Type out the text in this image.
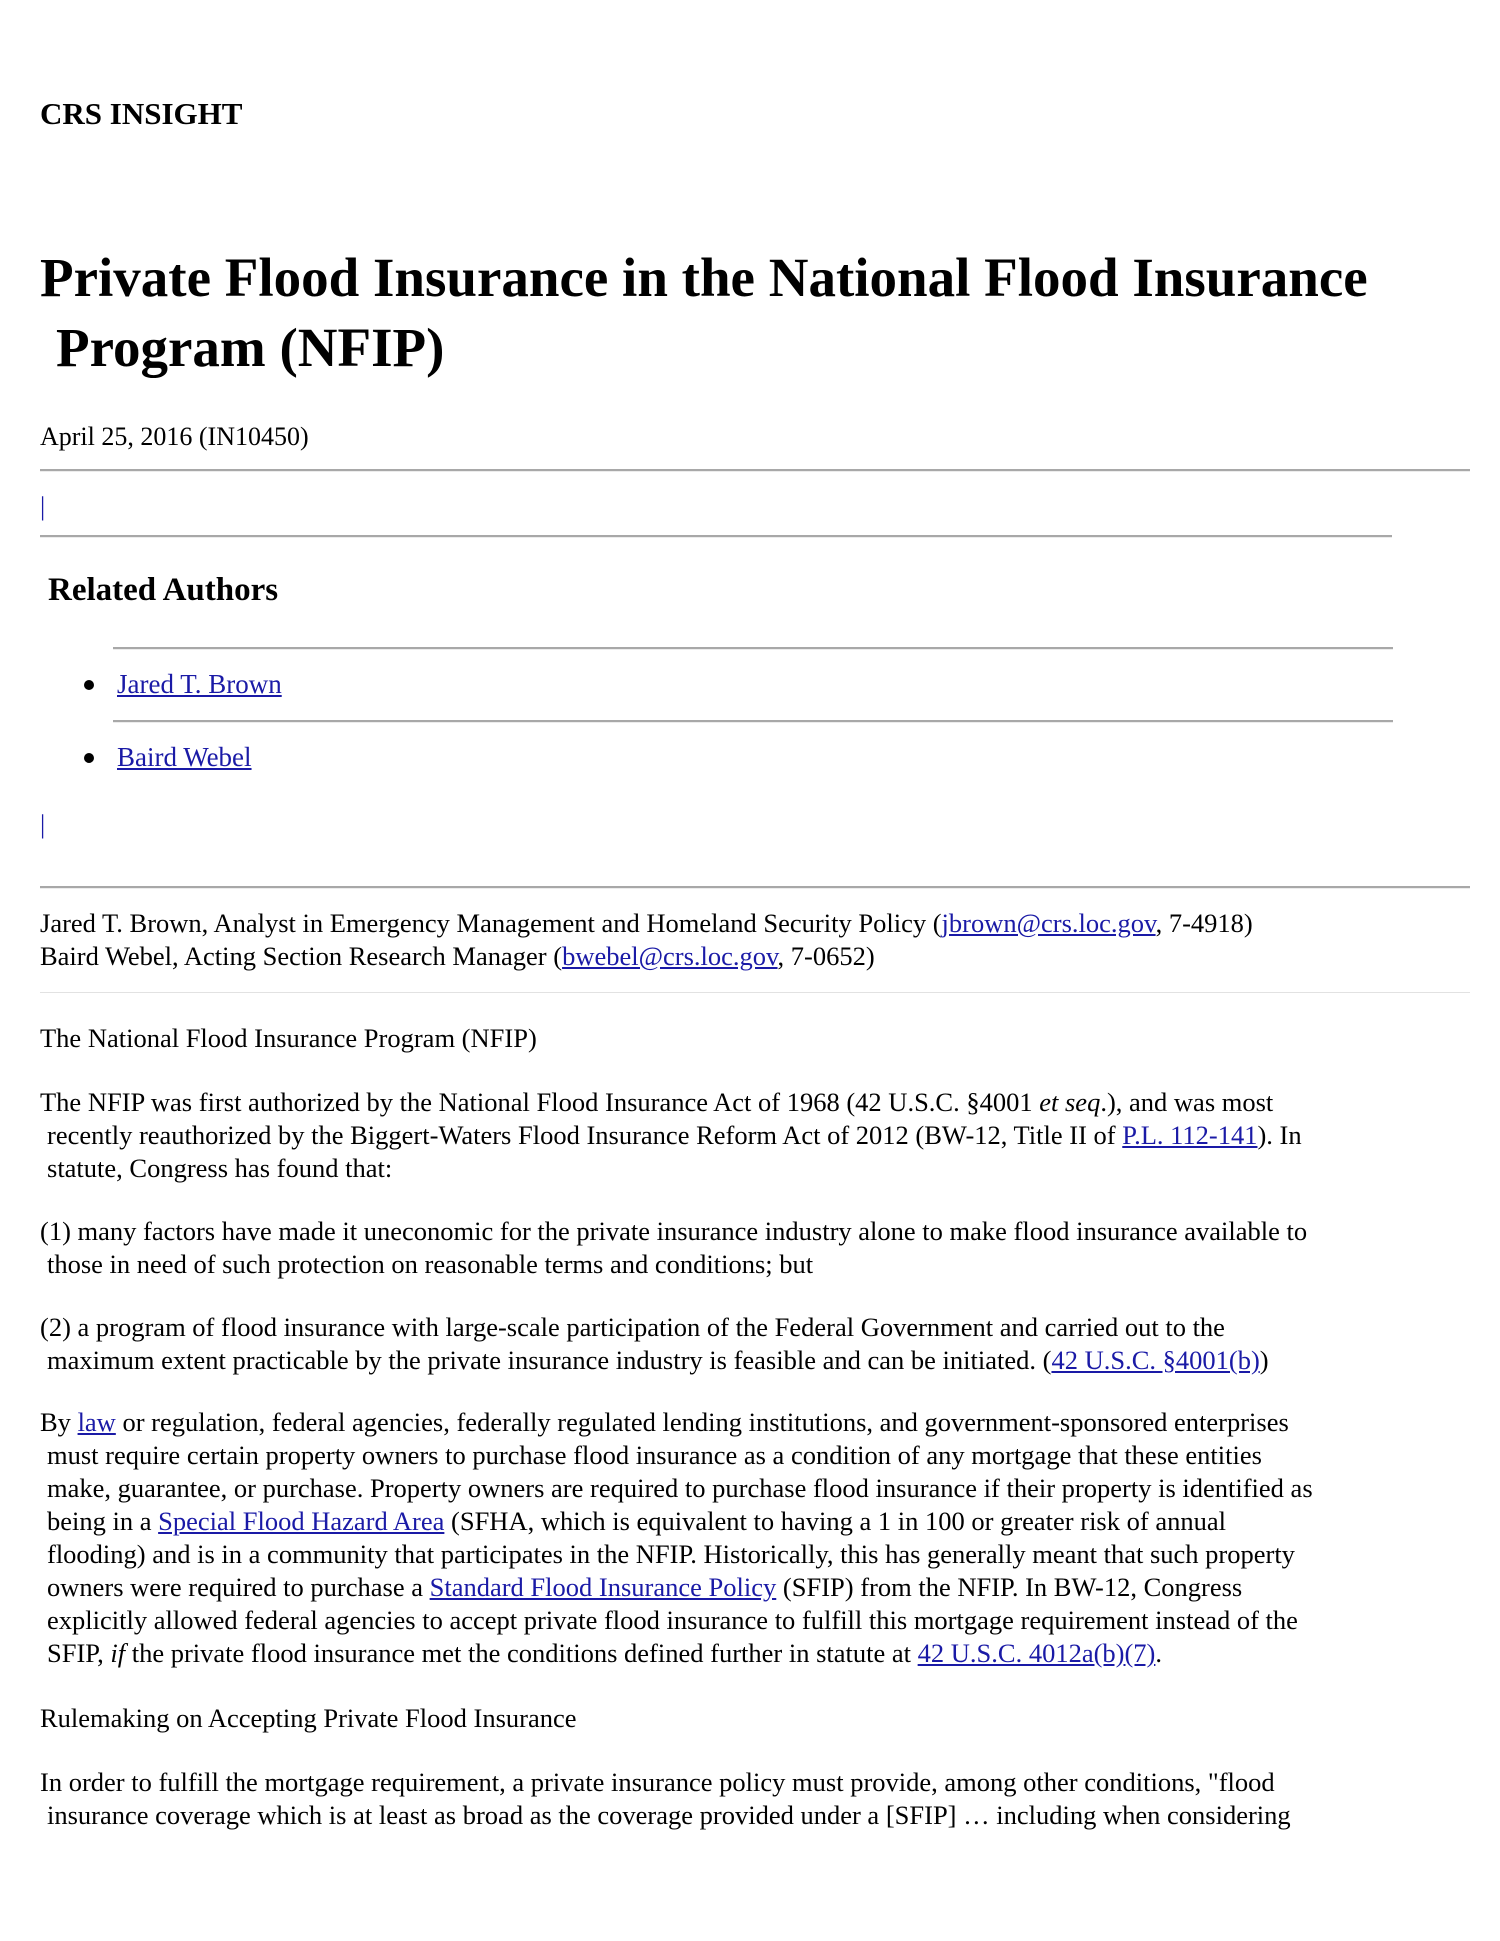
CRS INSIGHT
Private Flood Insurance in the National Flood Insurance
Program (NFIP)
April 25, 2016 (IN10450)
|
Related Authors
Jared T. Brown
Baird Webel
|
Jared T. Brown, Analyst in Emergency Management and Homeland Security Policy (jbrown@crs.loc.gov, 7-4918)
Baird Webel, Acting Section Research Manager (bwebel@crs.loc.gov, 7-0652)
The National Flood Insurance Program (NFIP)
The NFIP was first authorized by the National Flood Insurance Act of 1968 (42 U.S.C. §4001 et seq.), and was most
recently reauthorized by the Biggert-Waters Flood Insurance Reform Act of 2012 (BW-12, Title II of P.L. 112-141). In
statute, Congress has found that:
(1) many factors have made it uneconomic for the private insurance industry alone to make flood insurance available to
those in need of such protection on reasonable terms and conditions; but
(2) a program of flood insurance with large-scale participation of the Federal Government and carried out to the
maximum extent practicable by the private insurance industry is feasible and can be initiated. (42 U.S.C. §4001(b))
By law or regulation, federal agencies, federally regulated lending institutions, and government-sponsored enterprises
must require certain property owners to purchase flood insurance as a condition of any mortgage that these entities
make, guarantee, or purchase. Property owners are required to purchase flood insurance if their property is identified as
being in a Special Flood Hazard Area (SFHA, which is equivalent to having a 1 in 100 or greater risk of annual
flooding) and is in a community that participates in the NFIP. Historically, this has generally meant that such property
owners were required to purchase a Standard Flood Insurance Policy (SFIP) from the NFIP. In BW-12, Congress
explicitly allowed federal agencies to accept private flood insurance to fulfill this mortgage requirement instead of the
SFIP, if the private flood insurance met the conditions defined further in statute at 42 U.S.C. 4012a(b)(7).
Rulemaking on Accepting Private Flood Insurance
In order to fulfill the mortgage requirement, a private insurance policy must provide, among other conditions, "flood
insurance coverage which is at least as broad as the coverage provided under a [SFIP] … including when considering
